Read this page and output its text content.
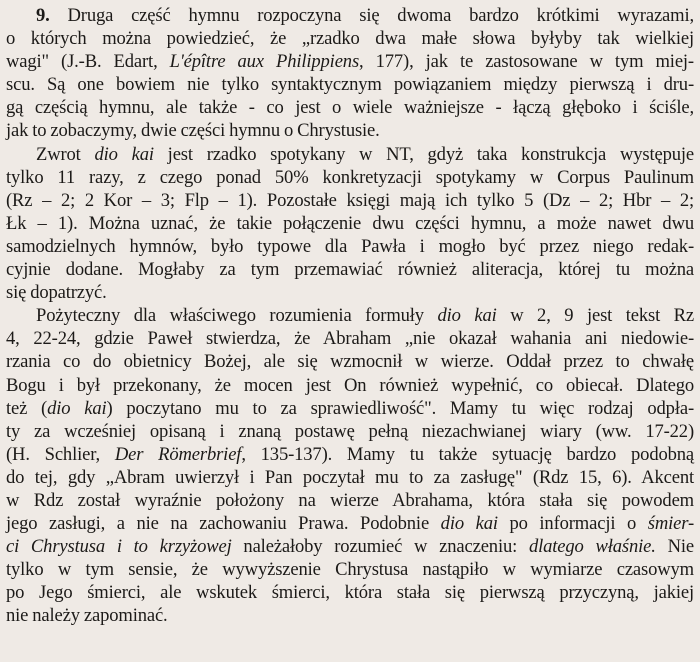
9. Druga część hymnu rozpoczyna się dwoma bardzo krótkimi wyrazami,
o których można powiedzieć, że „rzadko dwa małe słowa byłyby tak wielkiej
wagi" (J.-B. Edart, L'épître aux Philippiens, 177), jak te zastosowane w tym miej-
scu. Są one bowiem nie tylko syntaktycznym powiązaniem między pierwszą i dru-
gą częścią hymnu, ale także - co jest o wiele ważniejsze - łączą głęboko i ściśle,
jak to zobaczymy, dwie części hymnu o Chrystusie.

Zwrot dio kai jest rzadko spotykany w NT, gdyż taka konstrukcja występuje
tylko 11 razy, z czego ponad 50% konkretyzacji spotykamy w Corpus Paulinum
(Rz – 2; 2 Kor – 3; Flp – 1). Pozostałe księgi mają ich tylko 5 (Dz – 2; Hbr – 2;
Łk – 1). Można uznać, że takie połączenie dwu części hymnu, a może nawet dwu
samodzielnych hymnów, było typowe dla Pawła i mogło być przez niego redak-
cyjnie dodane. Mogłaby za tym przemawiać również aliteracja, której tu można
się dopatrzyć.

Pożyteczny dla właściwego rozumienia formuły dio kai w 2, 9 jest tekst Rz
4, 22-24, gdzie Paweł stwierdza, że Abraham „nie okazał wahania ani niedowie-
rzania co do obietnicy Bożej, ale się wzmocnił w wierze. Oddał przez to chwałę
Bogu i był przekonany, że mocen jest On również wypełnić, co obiecał. Dlatego
też (dio kai) poczytano mu to za sprawiedliwość". Mamy tu więc rodzaj odpła-
ty za wcześniej opisaną i znaną postawę pełną niezachwianej wiary (ww. 17-22)
(H. Schlier, Der Römerbrief, 135-137). Mamy tu także sytuację bardzo podobną
do tej, gdy „Abram uwierzył i Pan poczytał mu to za zasługę" (Rdz 15, 6). Akcent
w Rdz został wyraźnie położony na wierze Abrahama, która stała się powodem
jego zasługi, a nie na zachowaniu Prawa. Podobnie dio kai po informacji o śmier-
ci Chrystusa i to krzyżowej należałoby rozumieć w znaczeniu: dlatego właśnie. Nie
tylko w tym sensie, że wywyższenie Chrystusa nastąpiło w wymiarze czasowym
po Jego śmierci, ale wskutek śmierci, która stała się pierwszą przyczyną, jakiej
nie należy zapominać.
